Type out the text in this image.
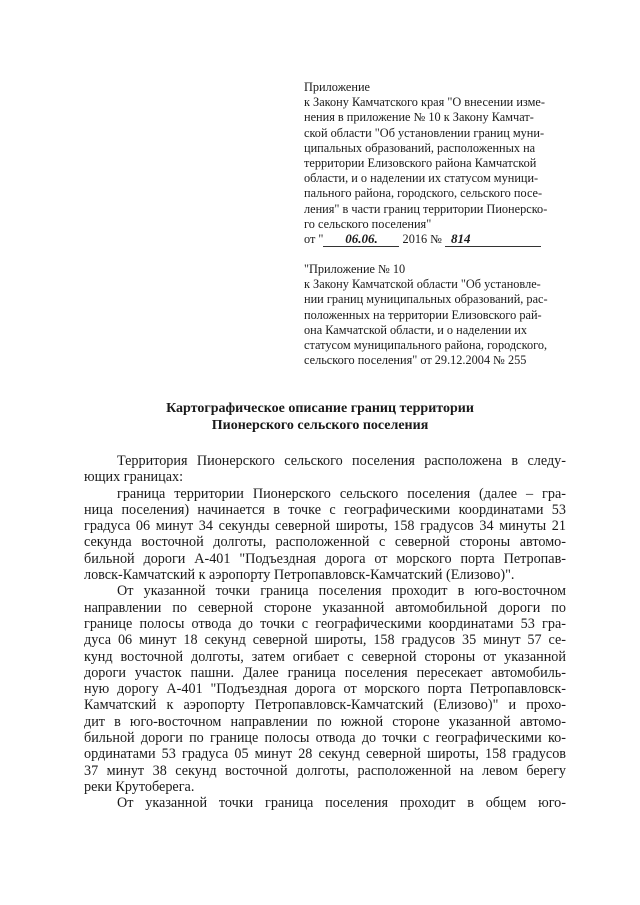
Приложение
к Закону Камчатского края "О внесении изме-
нения в приложение № 10 к Закону Камчат-
ской области "Об установлении границ муни-
ципальных образований, расположенных на
территории Елизовского района Камчатской
области, и о наделении их статусом муници-
пального района, городского, сельского посе-
ления" в части границ территории Пионерско-
го сельского поселения"
от " 06.06. 2016 № 814
"Приложение № 10
к Закону Камчатской области "Об установле-
нии границ муниципальных образований, рас-
положенных на территории Елизовского рай-
она Камчатской области, и о наделении их
статусом муниципального района, городского,
сельского поселения" от 29.12.2004 № 255
Картографическое описание границ территории
Пионерского сельского поселения
Территория Пионерского сельского поселения расположена в следу-
ющих границах:
граница территории Пионерского сельского поселения (далее – гра-
ница поселения) начинается в точке с географическими координатами 53
градуса 06 минут 34 секунды северной широты, 158 градусов 34 минуты 21
секунда восточной долготы, расположенной с северной стороны автомо-
бильной дороги А-401 "Подъездная дорога от морского порта Петропав-
ловск-Камчатский к аэропорту Петропавловск-Камчатский (Елизово)".
От указанной точки граница поселения проходит в юго-восточном
направлении по северной стороне указанной автомобильной дороги по
границе полосы отвода до точки с географическими координатами 53 гра-
дуса 06 минут 18 секунд северной широты, 158 градусов 35 минут 57 се-
кунд восточной долготы, затем огибает с северной стороны от указанной
дороги участок пашни. Далее граница поселения пересекает автомобиль-
ную дорогу А-401 "Подъездная дорога от морского порта Петропавловск-
Камчатский к аэропорту Петропавловск-Камчатский (Елизово)" и прохо-
дит в юго-восточном направлении по южной стороне указанной автомо-
бильной дороги по границе полосы отвода до точки с географическими ко-
ординатами 53 градуса 05 минут 28 секунд северной широты, 158 градусов
37 минут 38 секунд восточной долготы, расположенной на левом берегу
реки Крутоберега.
От указанной точки граница поселения проходит в общем юго-
